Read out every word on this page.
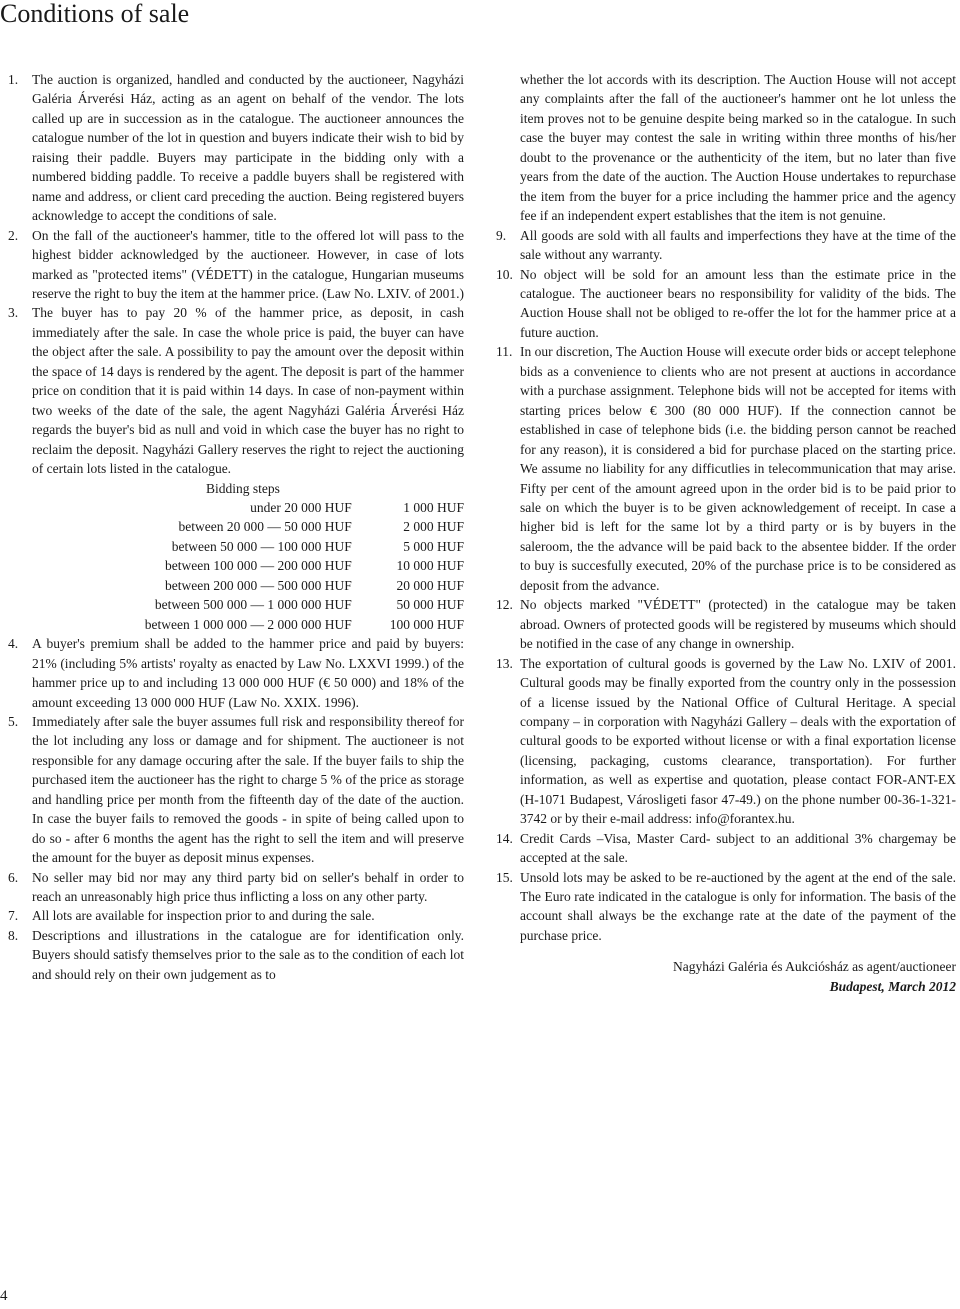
Conditions of sale
1.	The auction is organized, handled and conducted by the auctioneer, Nagyházi Galéria Árverési Ház, acting as an agent on behalf of the vendor. The lots called up are in succession as in the catalogue. The auctioneer announces the catalogue number of the lot in question and buyers indicate their wish to bid by raising their paddle. Buyers may participate in the bidding only with a numbered bidding paddle. To receive a paddle buyers shall be registered with name and address, or client card preceding the auction. Being registered buyers acknowledge to accept the conditions of sale.
2.	On the fall of the auctioneer's hammer, title to the offered lot will pass to the highest bidder acknowledged by the auctioneer. However, in case of lots marked as "protected items" (VÉDETT) in the catalogue, Hungarian museums reserve the right to buy the item at the hammer price. (Law No. LXIV. of 2001.)
3.	The buyer has to pay 20 % of the hammer price, as deposit, in cash immediately after the sale. In case the whole price is paid, the buyer can have the object after the sale. A possibility to pay the amount over the deposit within the space of 14 days is rendered by the agent. The deposit is part of the hammer price on condition that it is paid within 14 days. In case of non-payment within two weeks of the date of the sale, the agent Nagyházi Galéria Árverési Ház regards the buyer's bid as null and void in which case the buyer has no right to reclaim the deposit. Nagyházi Gallery reserves the right to reject the auctioning of certain lots listed in the catalogue.
Bidding steps
under 20 000 HUF	1 000 HUF
between 20 000 — 50 000 HUF	2 000 HUF
between 50 000 — 100 000 HUF	5 000 HUF
between 100 000 — 200 000 HUF	10 000 HUF
between 200 000 — 500 000 HUF	20 000 HUF
between 500 000 — 1 000 000 HUF	50 000 HUF
between 1 000 000 — 2 000 000 HUF	100 000 HUF
4.	A buyer's premium shall be added to the hammer price and paid by buyers: 21% (including 5% artists' royalty as enacted by Law No. LXXVI 1999.) of the hammer price up to and including 13 000 000 HUF (€ 50 000) and 18% of the amount exceeding 13 000 000 HUF (Law No. XXIX. 1996).
5.	Immediately after sale the buyer assumes full risk and responsibility thereof for the lot including any loss or damage and for shipment. The auctioneer is not responsible for any damage occuring after the sale. If the buyer fails to ship the purchased item the auctioneer has the right to charge 5 % of the price as storage and handling price per month from the fifteenth day of the date of the auction. In case the buyer fails to removed the goods - in spite of being called upon to do so - after 6 months the agent has the right to sell the item and will preserve the amount for the buyer as deposit minus expenses.
6.	No seller may bid nor may any third party bid on seller's behalf in order to reach an unreasonably high price thus inflicting a loss on any other party.
7.	All lots are available for inspection prior to and during the sale.
8.	Descriptions and illustrations in the catalogue are for identification only. Buyers should satisfy themselves prior to the sale as to the condition of each lot and should rely on their own judgement as to
whether the lot accords with its description. The Auction House will not accept any complaints after the fall of the auctioneer's hammer ont he lot unless the item proves not to be genuine despite being marked so in the catalogue. In such case the buyer may contest the sale in writing within three months of his/her doubt to the provenance or the authenticity of the item, but no later than five years from the date of the auction. The Auction House undertakes to repurchase the item from the buyer for a price including the hammer price and the agency fee if an independent expert establishes that the item is not genuine.
9.	All goods are sold with all faults and imperfections they have at the time of the sale without any warranty.
10. No object will be sold for an amount less than the estimate price in the catalogue. The auctioneer bears no responsibility for validity of the bids. The Auction House shall not be obliged to re-offer the lot for the hammer price at a future auction.
11. In our discretion, The Auction House will execute order bids or accept telephone bids as a convenience to clients who are not present at auctions in accordance with a purchase assignment. Telephone bids will not be accepted for items with starting prices below € 300 (80 000 HUF). If the connection cannot be established in case of telephone bids (i.e. the bidding person cannot be reached for any reason), it is considered a bid for purchase placed on the starting price. We assume no liability for any difficutlies in telecommunication that may arise. Fifty per cent of the amount agreed upon in the order bid is to be paid prior to sale on which the buyer is to be given acknowledgement of receipt. In case a higher bid is left for the same lot by a third party or is by buyers in the saleroom, the the advance will be paid back to the absentee bidder. If the order to buy is succesfully executed, 20% of the purchase price is to be considered as deposit from the advance.
12. No objects marked "VÉDETT" (protected) in the catalogue may be taken abroad. Owners of protected goods will be registered by museums which should be notified in the case of any change in ownership.
13. The exportation of cultural goods is governed by the Law No. LXIV of 2001. Cultural goods may be finally exported from the country only in the possession of a license issued by the National Office of Cultural Heritage. A special company – in corporation with Nagyházi Gallery – deals with the exportation of cultural goods to be exported without license or with a final exportation license (licensing, packaging, customs clearance, transportation). For further information, as well as expertise and quotation, please contact FOR-ANT-EX (H-1071 Budapest, Városligeti fasor 47-49.) on the phone number 00-36-1-321- 3742 or by their e-mail address: info@forantex.hu.
14. Credit Cards –Visa, Master Card- subject to an additional 3% chargemay be accepted at the sale.
15. Unsold lots may be asked to be re-auctioned by the agent at the end of the sale. The Euro rate indicated in the catalogue is only for information. The basis of the account shall always be the exchange rate at the date of the payment of the purchase price.
Nagyházi Galéria és Aukciósház as agent/auctioneer
Budapest, March 2012
4
